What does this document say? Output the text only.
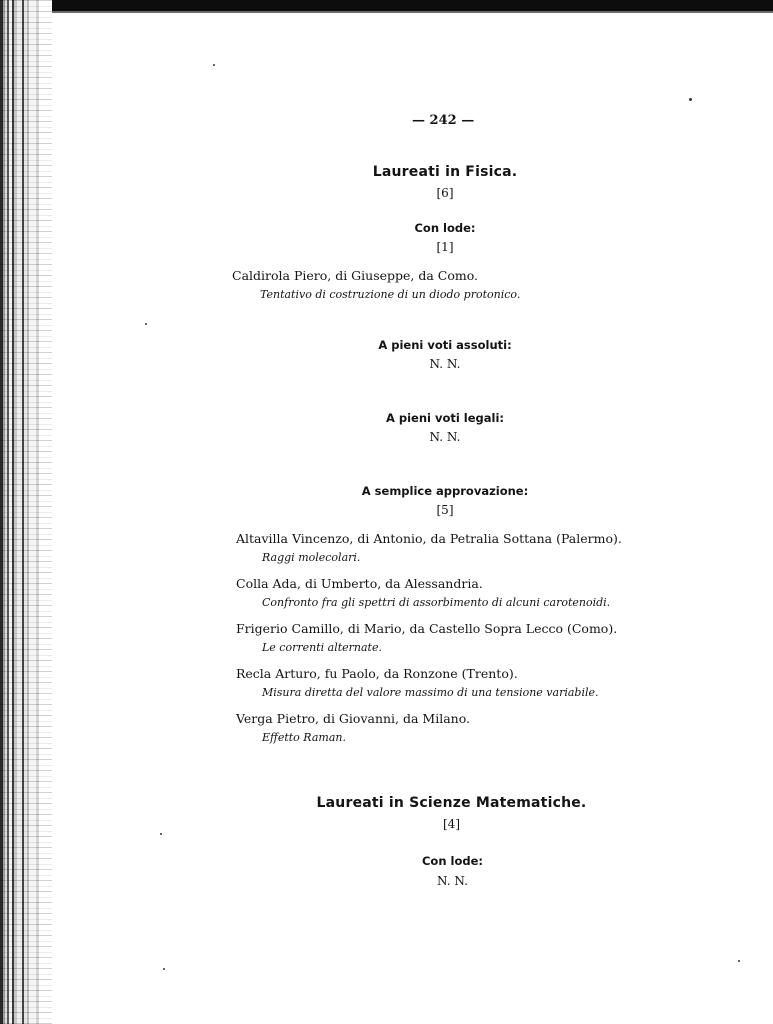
— 242 —
Laureati in Fisica.
[6]
Con lode:
[1]
Caldirola Piero, di Giuseppe, da Como.
Tentativo di costruzione di un diodo protonico.
A pieni voti assoluti:
N. N.
A pieni voti legali:
N. N.
A semplice approvazione:
[5]
Altavilla Vincenzo, di Antonio, da Petralia Sottana (Palermo).
Raggi molecolari.
Colla Ada, di Umberto, da Alessandria.
Confronto fra gli spettri di assorbimento di alcuni carotenoidi.
Frigerio Camillo, di Mario, da Castello Sopra Lecco (Como).
Le correnti alternate.
Recla Arturo, fu Paolo, da Ronzone (Trento).
Misura diretta del valore massimo di una tensione variabile.
Verga Pietro, di Giovanni, da Milano.
Effetto Raman.
Laureati in Scienze Matematiche.
[4]
Con lode:
N. N.
